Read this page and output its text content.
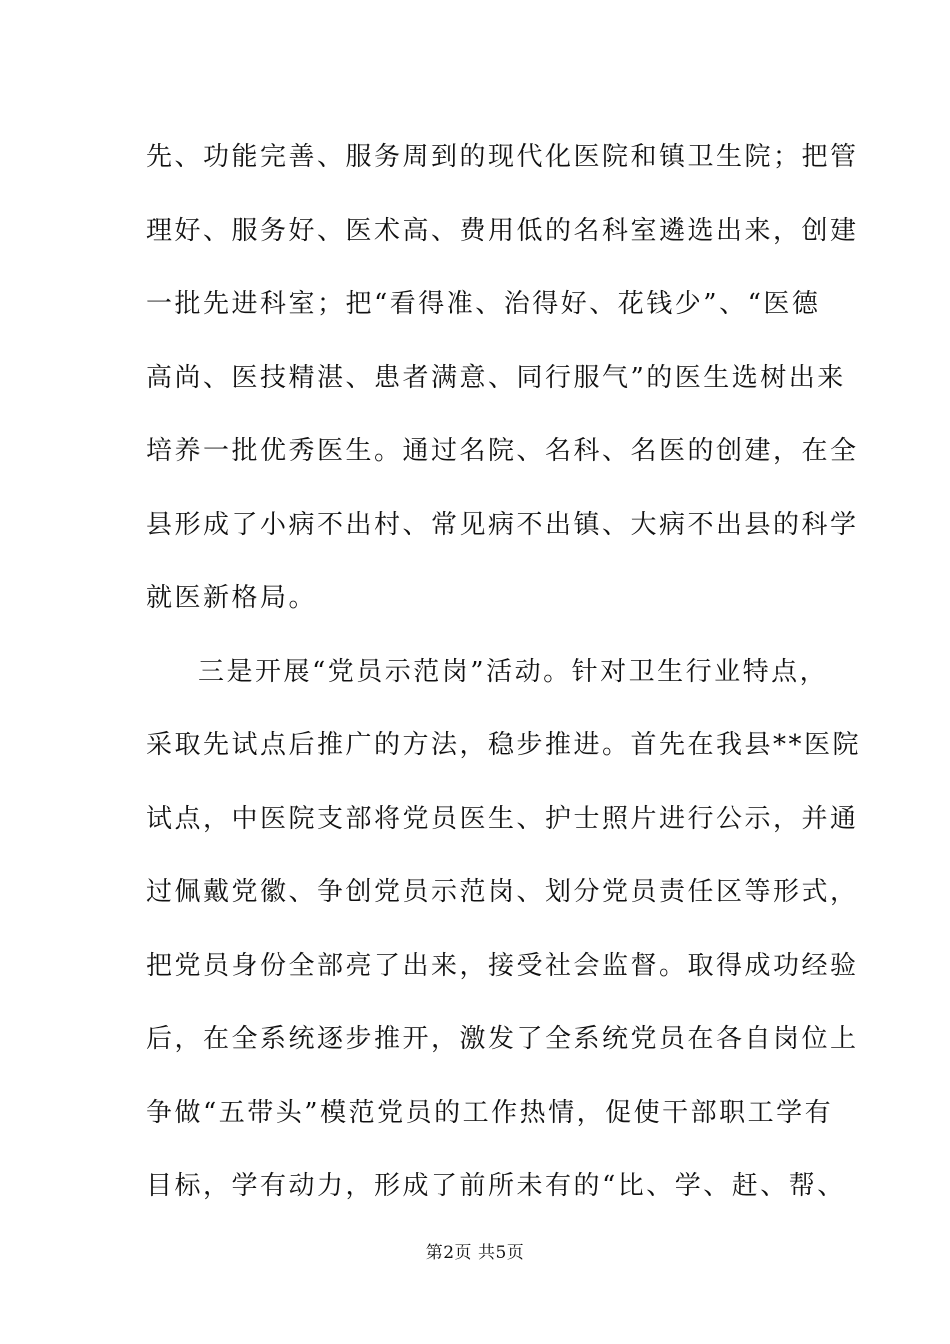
先、功能完善、服务周到的现代化医院和镇卫生院；把管
理好、服务好、医术高、费用低的名科室遴选出来，创建
一批先进科室；把“看得准、治得好、花钱少”、“医德
高尚、医技精湛、患者满意、同行服气”的医生选树出来
培养一批优秀医生。通过名院、名科、名医的创建，在全
县形成了小病不出村、常见病不出镇、大病不出县的科学
就医新格局。
三是开展“党员示范岗”活动。针对卫生行业特点，
采取先试点后推广的方法，稳步推进。首先在我县**医院
试点，中医院支部将党员医生、护士照片进行公示，并通
过佩戴党徽、争创党员示范岗、划分党员责任区等形式，
把党员身份全部亮了出来，接受社会监督。取得成功经验
后，在全系统逐步推开，激发了全系统党员在各自岗位上
争做“五带头”模范党员的工作热情，促使干部职工学有
目标，学有动力，形成了前所未有的“比、学、赶、帮、
第2页 共5页
